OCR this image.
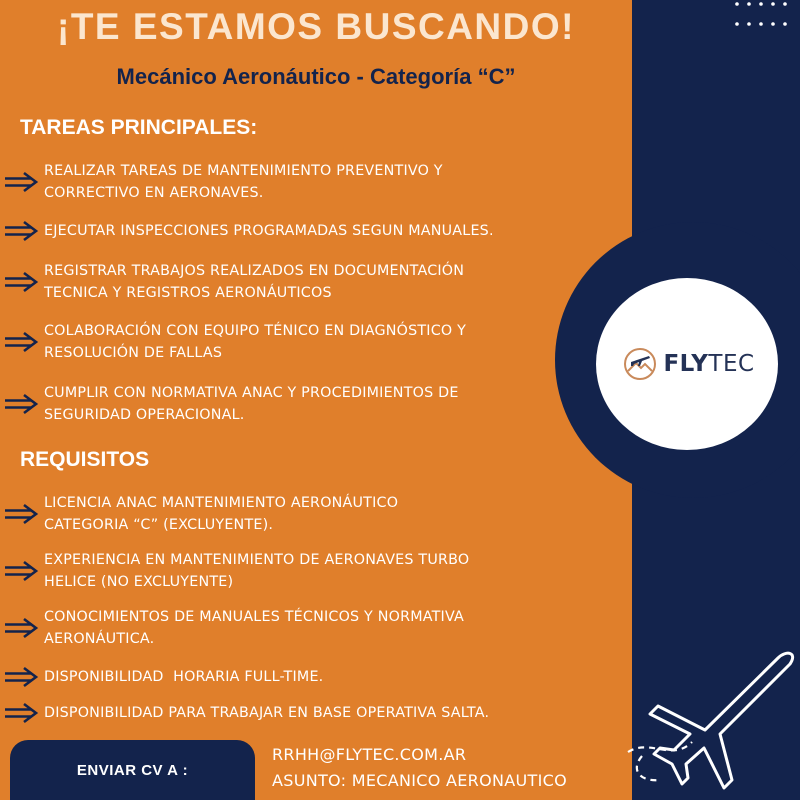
¡TE ESTAMOS BUSCANDO!
Mecánico Aeronáutico - Categoría “C”
TAREAS PRINCIPALES:
REALIZAR TAREAS DE MANTENIMIENTO PREVENTIVO Y
CORRECTIVO EN AERONAVES.
EJECUTAR INSPECCIONES PROGRAMADAS SEGUN MANUALES.
REGISTRAR TRABAJOS REALIZADOS EN DOCUMENTACIÓN
TECNICA Y REGISTROS AERONÁUTICOS
COLABORACIÓN CON EQUIPO TÉNICO EN DIAGNÓSTICO Y
RESOLUCIÓN DE FALLAS
CUMPLIR CON NORMATIVA ANAC Y PROCEDIMIENTOS DE
SEGURIDAD OPERACIONAL.
REQUISITOS
LICENCIA ANAC MANTENIMIENTO AERONÁUTICO
CATEGORIA “C” (EXCLUYENTE).
EXPERIENCIA EN MANTENIMIENTO DE AERONAVES TURBO
HELICE (NO EXCLUYENTE)
CONOCIMIENTOS DE MANUALES TÉCNICOS Y NORMATIVA
AERONÁUTICA.
DISPONIBILIDAD  HORARIA FULL-TIME.
DISPONIBILIDAD PARA TRABAJAR EN BASE OPERATIVA SALTA.
FLYTEC
ENVIAR CV A :
RRHH@FLYTEC.COM.AR
ASUNTO: MECANICO AERONAUTICO
